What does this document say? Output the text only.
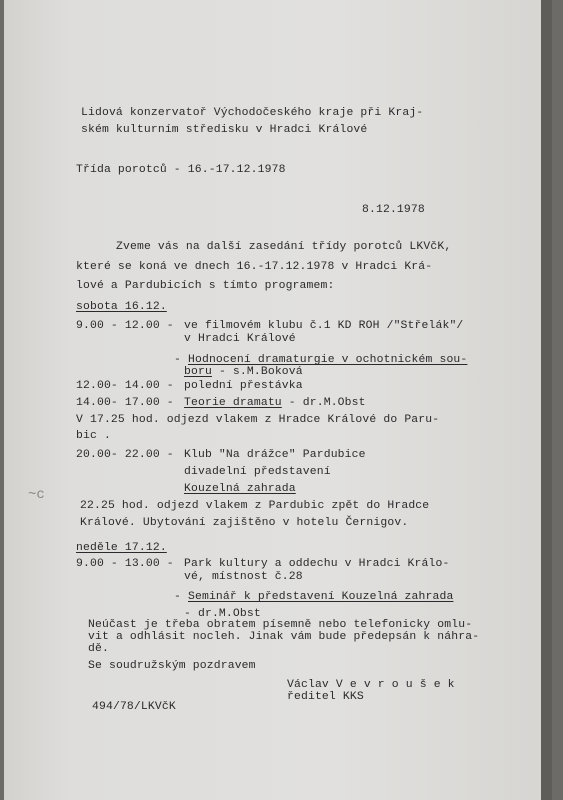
Lidová konzervatoř Východočeského kraje při Kraj-

ském kulturním středisku v Hradci Králové

Třída porotců - 16.-17.12.1978

8.12.1978

Zveme vás na další zasedání třídy porotců LKVčK,

které se koná ve dnech 16.-17.12.1978 v Hradci Krá-

lové a Pardubicích s tímto programem:

sobota 16.12.

9.00 - 12.00 - ve filmovém klubu č.1 KD ROH /"Střelák"/

v Hradci Králové

- Hodnocení dramaturgie v ochotnickém sou-

boru - s.M.Boková

12.00- 14.00 - polední přestávka

14.00- 17.00 - Teorie dramatu - dr.M.Obst

V 17.25 hod. odjezd vlakem z Hradce Králové do Paru-

bic .

20.00- 22.00 - Klub "Na drážce" Pardubice

divadelní představení

Kouzelná zahrada

22.25 hod. odjezd vlakem z Pardubic zpět do Hradce

Králové. Ubytování zajištěno v hotelu Černigov.

neděle 17.12.

9.00 - 13.00 - Park kultury a oddechu v Hradci Králo-

vé, místnost č.28

- Seminář k představení Kouzelná zahrada

- dr.M.Obst

Neúčast je třeba obratem písemně nebo telefonicky omlu-

vit a odhlásit nocleh. Jinak vám bude předepsán k náhra-

dě.

Se soudružským pozdravem

Václav V e v r o u š e k

ředitel KKS

494/78/LKVčK

~c
